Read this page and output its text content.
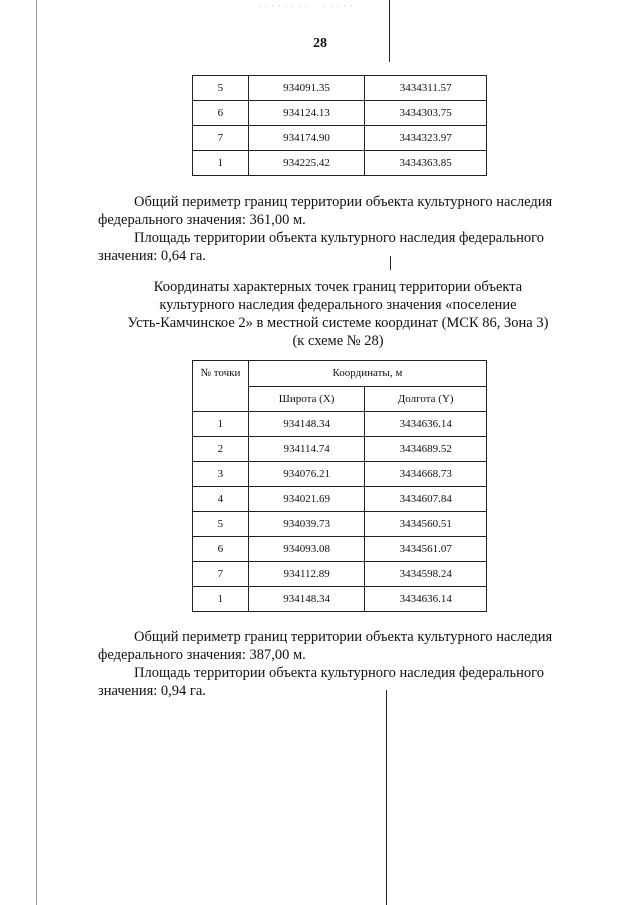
· · · · · · · ·     · · · · ·
28
5	934091.35	3434311.57
6	934124.13	3434303.75
7	934174.90	3434323.97
1	934225.42	3434363.85
Общий периметр границ территории объекта культурного наследия
федерального значения: 361,00 м.
Площадь территории объекта культурного наследия федерального
значения: 0,64 га.
Координаты характерных точек границ территории объекта
культурного наследия федерального значения «поселение
Усть-Камчинское 2» в местной системе координат (МСК 86, Зона 3)
(к схеме № 28)
№ точки	Координаты, м	
	Широта (X)	Долгота (Y)
1	934148.34	3434636.14
2	934114.74	3434689.52
3	934076.21	3434668.73
4	934021.69	3434607.84
5	934039.73	3434560.51
6	934093.08	3434561.07
7	934112.89	3434598.24
1	934148.34	3434636.14
Общий периметр границ территории объекта культурного наследия
федерального значения: 387,00 м.
Площадь территории объекта культурного наследия федерального
значения: 0,94 га.
